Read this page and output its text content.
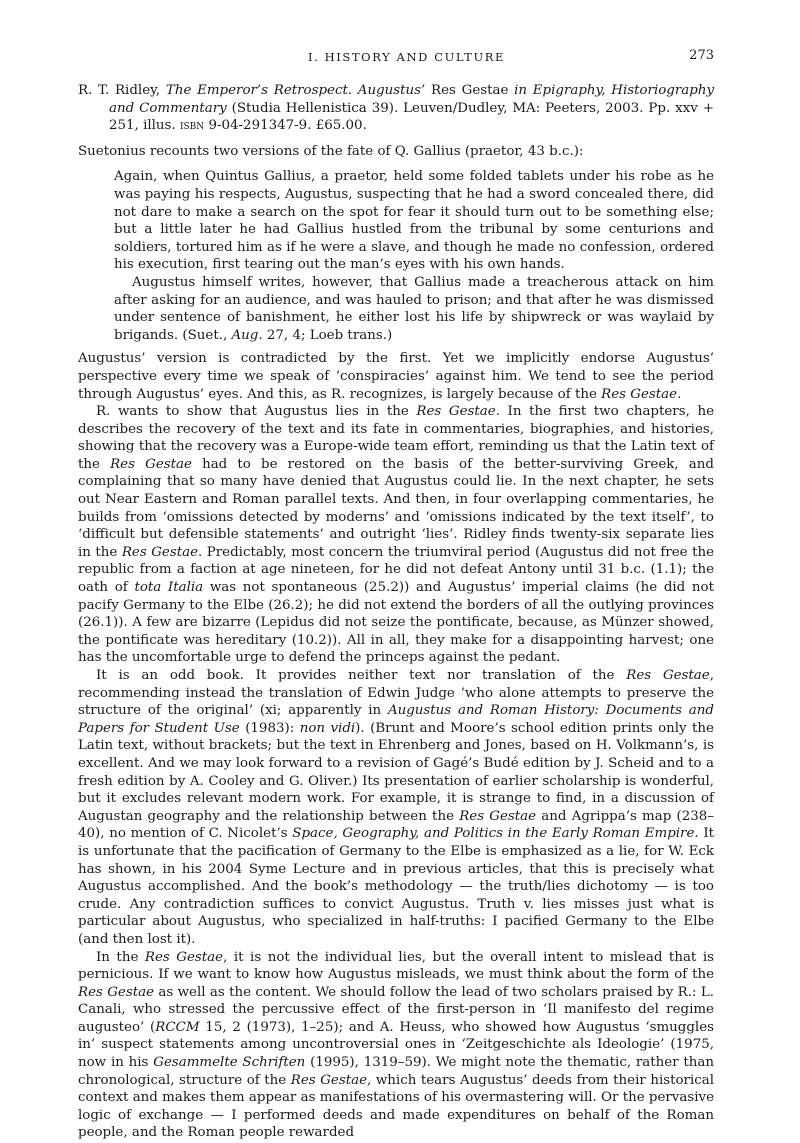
I. HISTORY AND CULTURE	273

R. T. Ridley, The Emperor’s Retrospect. Augustus’ Res Gestae in Epigraphy, Historiography and Commentary (Studia Hellenistica 39). Leuven/Dudley, MA: Peeters, 2003. Pp. xxv + 251, illus. isbn 9-04-291347-9. £65.00.

Suetonius recounts two versions of the fate of Q. Gallius (praetor, 43 b.c.):

Again, when Quintus Gallius, a praetor, held some folded tablets under his robe as he was paying his respects, Augustus, suspecting that he had a sword concealed there, did not dare to make a search on the spot for fear it should turn out to be something else; but a little later he had Gallius hustled from the tribunal by some centurions and soldiers, tortured him as if he were a slave, and though he made no confession, ordered his execution, first tearing out the man’s eyes with his own hands.

Augustus himself writes, however, that Gallius made a treacherous attack on him after asking for an audience, and was hauled to prison; and that after he was dismissed under sentence of banishment, he either lost his life by shipwreck or was waylaid by brigands. (Suet., Aug. 27, 4; Loeb trans.)

Augustus’ version is contradicted by the first. Yet we implicitly endorse Augustus’ perspective every time we speak of ‘conspiracies’ against him. We tend to see the period through Augustus’ eyes. And this, as R. recognizes, is largely because of the Res Gestae.

R. wants to show that Augustus lies in the Res Gestae. In the first two chapters, he describes the recovery of the text and its fate in commentaries, biographies, and histories, showing that the recovery was a Europe-wide team effort, reminding us that the Latin text of the Res Gestae had to be restored on the basis of the better-surviving Greek, and complaining that so many have denied that Augustus could lie. In the next chapter, he sets out Near Eastern and Roman parallel texts. And then, in four overlapping commentaries, he builds from ‘omissions detected by moderns’ and ‘omissions indicated by the text itself’, to ‘difficult but defensible statements’ and outright ‘lies’. Ridley finds twenty-six separate lies in the Res Gestae. Predictably, most concern the triumviral period (Augustus did not free the republic from a faction at age nineteen, for he did not defeat Antony until 31 b.c. (1.1); the oath of tota Italia was not spontaneous (25.2)) and Augustus’ imperial claims (he did not pacify Germany to the Elbe (26.2); he did not extend the borders of all the outlying provinces (26.1)). A few are bizarre (Lepidus did not seize the pontificate, because, as Münzer showed, the pontificate was hereditary (10.2)). All in all, they make for a disappointing harvest; one has the uncomfortable urge to defend the princeps against the pedant.

It is an odd book. It provides neither text nor translation of the Res Gestae, recommending instead the translation of Edwin Judge ‘who alone attempts to preserve the structure of the original’ (xi; apparently in Augustus and Roman History: Documents and Papers for Student Use (1983): non vidi). (Brunt and Moore’s school edition prints only the Latin text, without brackets; but the text in Ehrenberg and Jones, based on H. Volkmann’s, is excellent. And we may look forward to a revision of Gagé’s Budé edition by J. Scheid and to a fresh edition by A. Cooley and G. Oliver.) Its presentation of earlier scholarship is wonderful, but it excludes relevant modern work. For example, it is strange to find, in a discussion of Augustan geography and the relationship between the Res Gestae and Agrippa’s map (238–40), no mention of C. Nicolet’s Space, Geography, and Politics in the Early Roman Empire. It is unfortunate that the pacification of Germany to the Elbe is emphasized as a lie, for W. Eck has shown, in his 2004 Syme Lecture and in previous articles, that this is precisely what Augustus accomplished. And the book’s methodology — the truth/lies dichotomy — is too crude. Any contradiction suffices to convict Augustus. Truth v. lies misses just what is particular about Augustus, who specialized in half-truths: I pacified Germany to the Elbe (and then lost it).

In the Res Gestae, it is not the individual lies, but the overall intent to mislead that is pernicious. If we want to know how Augustus misleads, we must think about the form of the Res Gestae as well as the content. We should follow the lead of two scholars praised by R.: L. Canali, who stressed the percussive effect of the first-person in ‘Il manifesto del regime augusteo’ (RCCM 15, 2 (1973), 1–25); and A. Heuss, who showed how Augustus ‘smuggles in’ suspect statements among uncontroversial ones in ‘Zeitgeschichte als Ideologie’ (1975, now in his Gesammelte Schriften (1995), 1319–59). We might note the thematic, rather than chronological, structure of the Res Gestae, which tears Augustus’ deeds from their historical context and makes them appear as manifestations of his overmastering will. Or the pervasive logic of exchange — I performed deeds and made expenditures on behalf of the Roman people, and the Roman people rewarded
